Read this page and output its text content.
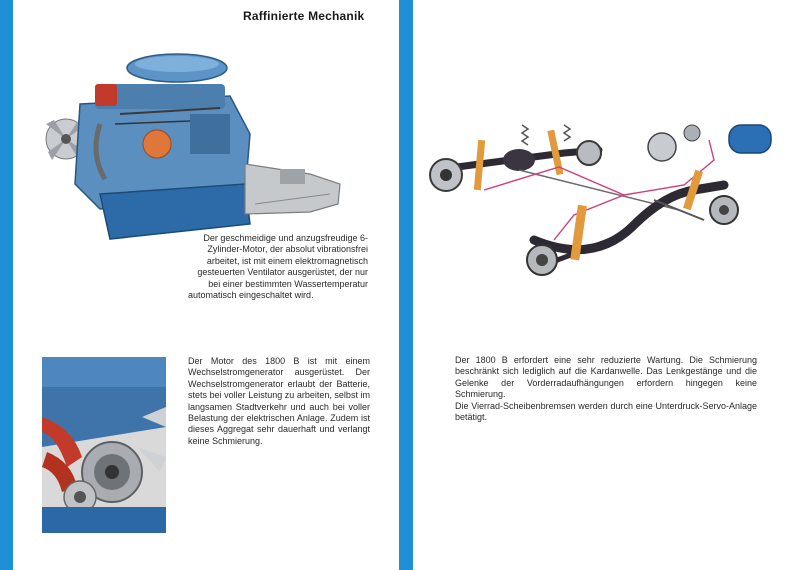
Raffinierte Mechanik

Der geschmeidige und anzugsfreudige 6-Zylinder-Motor, der absolut vibrationsfrei arbeitet, ist mit einem elektromagnetisch gesteuerten Ventilator ausgerüstet, der nur bei einer bestimmten Wassertemperatur automatisch eingeschaltet wird.

Der Motor des 1800 B ist mit einem Wechselstromgenerator ausgerüstet. Der Wechselstromgenerator erlaubt der Batterie, stets bei voller Leistung zu arbeiten, selbst im langsamen Stadtverkehr und auch bei voller Belastung der elektrischen Anlage. Zudem ist dieses Aggregat sehr dauerhaft und verlangt keine Schmierung.

Der 1800 B erfordert eine sehr reduzierte Wartung. Die Schmierung beschränkt sich lediglich auf die Kardanwelle. Das Lenkgestänge und die Gelenke der Vorderradaufhängungen erfordern hingegen keine Schmierung.

Die Vierrad-Scheibenbremsen werden durch eine Unterdruck-Servo-Anlage betätigt.
